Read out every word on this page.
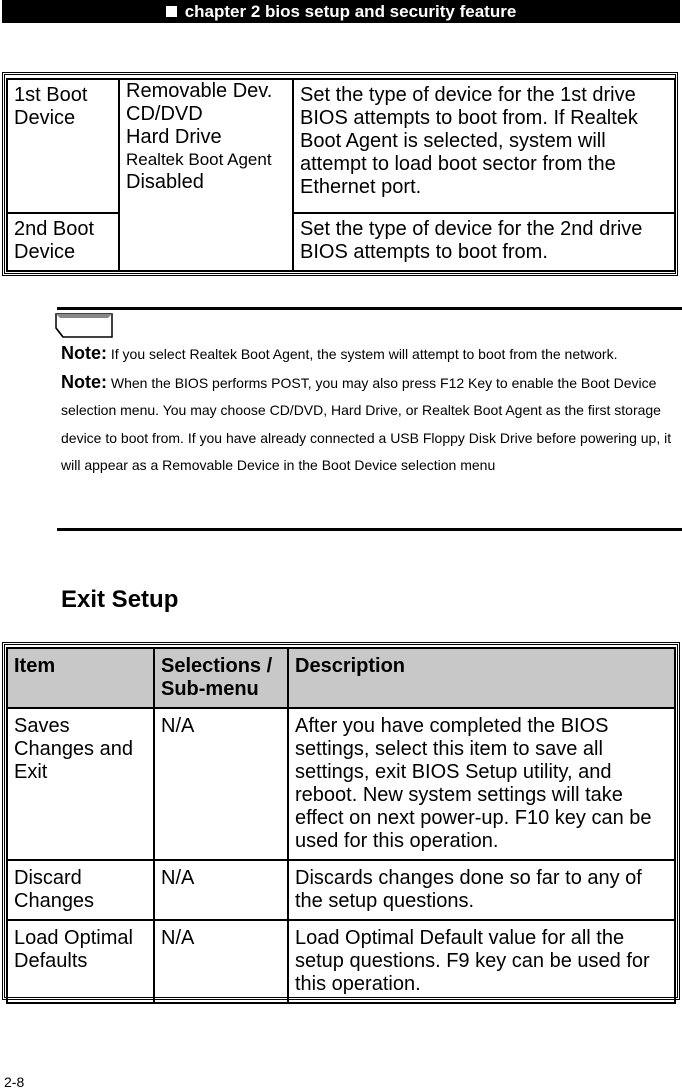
chapter 2 bios setup and security feature
1st Boot Device	Removable Dev.
CD/DVD
Hard Drive
Realtek Boot Agent
Disabled	Set the type of device for the 1st drive BIOS attempts to boot from. If Realtek Boot Agent is selected, system will attempt to load boot sector from the Ethernet port.
2nd Boot Device		Set the type of device for the 2nd drive BIOS attempts to boot from.
Note: If you select Realtek Boot Agent, the system will attempt to boot from the network.
Note: When the BIOS performs POST, you may also press F12 Key to enable the Boot Device selection menu. You may choose CD/DVD, Hard Drive, or Realtek Boot Agent as the first storage device to boot from. If you have already connected a USB Floppy Disk Drive before powering up, it will appear as a Removable Device in the Boot Device selection menu
Exit Setup
Item	Selections / Sub-menu	Description
Saves Changes and Exit	N/A	After you have completed the BIOS settings, select this item to save all settings, exit BIOS Setup utility, and reboot. New system settings will take effect on next power-up. F10 key can be used for this operation.
Discard Changes	N/A	Discards changes done so far to any of the setup questions.
Load Optimal Defaults	N/A	Load Optimal Default value for all the setup questions. F9 key can be used for this operation.
2-8
